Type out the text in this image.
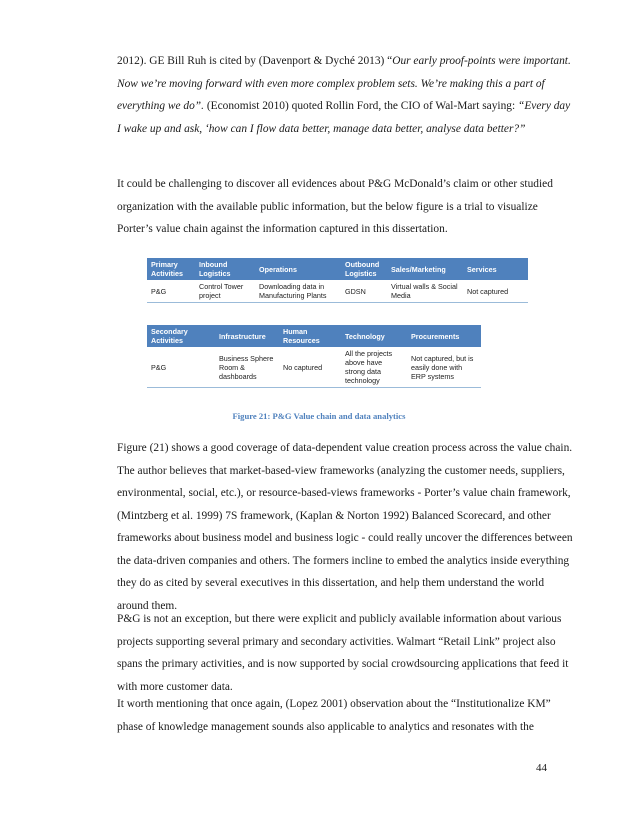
2012). GE Bill Ruh is cited by (Davenport & Dyché 2013) “Our early proof-points were important.
Now we’re moving forward with even more complex problem sets. We’re making this a part of
everything we do”. (Economist 2010) quoted Rollin Ford, the CIO of Wal-Mart saying: “Every day
I wake up and ask, ‘how can I flow data better, manage data better, analyse data better?”
It could be challenging to discover all evidences about P&G McDonald’s claim or other studied
organization with the available public information, but the below figure is a trial to visualize
Porter’s value chain against the information captured in this dissertation.
Primary Activities	Inbound Logistics	Operations	Outbound Logistics	Sales/Marketing	Services
P&G	Control Tower project	Downloading data in Manufacturing Plants	GDSN	Virtual walls & Social Media	Not captured
Secondary Activities	Infrastructure	Human Resources	Technology	Procurements
P&G	Business Sphere Room & dashboards	No captured	All the projects above have strong data technology	Not captured, but is easily done with ERP systems
Figure 21: P&G Value chain and data analytics
Figure (21) shows a good coverage of data-dependent value creation process across the value chain.
The author believes that market-based-view frameworks (analyzing the customer needs, suppliers,
environmental, social, etc.), or resource-based-views frameworks - Porter’s value chain framework,
(Mintzberg et al. 1999) 7S framework, (Kaplan & Norton 1992) Balanced Scorecard, and other
frameworks about business model and business logic - could really uncover the differences between
the data-driven companies and others. The formers incline to embed the analytics inside everything
they do as cited by several executives in this dissertation, and help them understand the world
around them.
P&G is not an exception, but there were explicit and publicly available information about various
projects supporting several primary and secondary activities. Walmart “Retail Link” project also
spans the primary activities, and is now supported by social crowdsourcing applications that feed it
with more customer data.
It worth mentioning that once again, (Lopez 2001) observation about the “Institutionalize KM”
phase of knowledge management sounds also applicable to analytics and resonates with the
44
